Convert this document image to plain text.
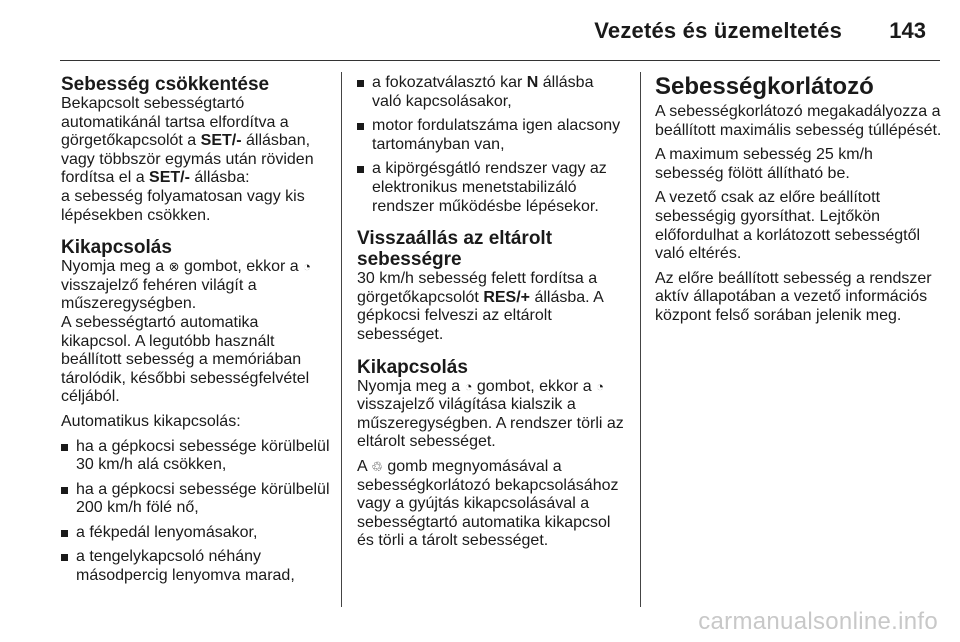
Vezetés és üzemeltetés 143
Sebesség csökkentése

Bekapcsolt sebességtartó automatikánál tartsa elfordítva a görgetőkapcsolót a SET/- állásban, vagy többször egymás után röviden fordítsa el a SET/- állásba:
a sebesség folyamatosan vagy kis lépésekben csökken.

Kikapcsolás

Nyomja meg a ⊗ gombot, ekkor a ◔ visszajelző fehéren világít a műszeregységben.
A sebességtartó automatika kikapcsol. A legutóbb használt beállított sebesség a memóriában tárolódik, későbbi sebességfelvétel céljából.

Automatikus kikapcsolás:

ha a gépkocsi sebessége körülbelül 30 km/h alá csökken,
ha a gépkocsi sebessége körülbelül 200 km/h fölé nő,
a fékpedál lenyomásakor,
a tengelykapcsoló néhány másodpercig lenyomva marad,
a fokozatválasztó kar N állásba való kapcsolásakor,
motor fordulatszáma igen alacsony tartományban van,
a kipörgésgátló rendszer vagy az elektronikus menetstabilizáló rendszer működésbe lépésekor.
Visszaállás az eltárolt sebességre

30 km/h sebesség felett fordítsa a görgetőkapcsolót RES/+ állásba. A gépkocsi felveszi az eltárolt sebességet.

Kikapcsolás

Nyomja meg a ◔ gombot, ekkor a ◔ visszajelző világítása kialszik a műszeregységben. A rendszer törli az eltárolt sebességet.

A ♲ gomb megnyomásával a sebességkorlátozó bekapcsolásához vagy a gyújtás kikapcsolásával a sebességtartó automatika kikapcsol és törli a tárolt sebességet.

Sebességkorlátozó

A sebességkorlátozó megakadályozza a beállított maximális sebesség túllépését.

A maximum sebesség 25 km/h sebesség fölött állítható be.

A vezető csak az előre beállított sebességig gyorsíthat. Lejtőkön előfordulhat a korlátozott sebességtől való eltérés.

Az előre beállított sebesség a rendszer aktív állapotában a vezető információs központ felső sorában jelenik meg.

carmanualsonline.info
